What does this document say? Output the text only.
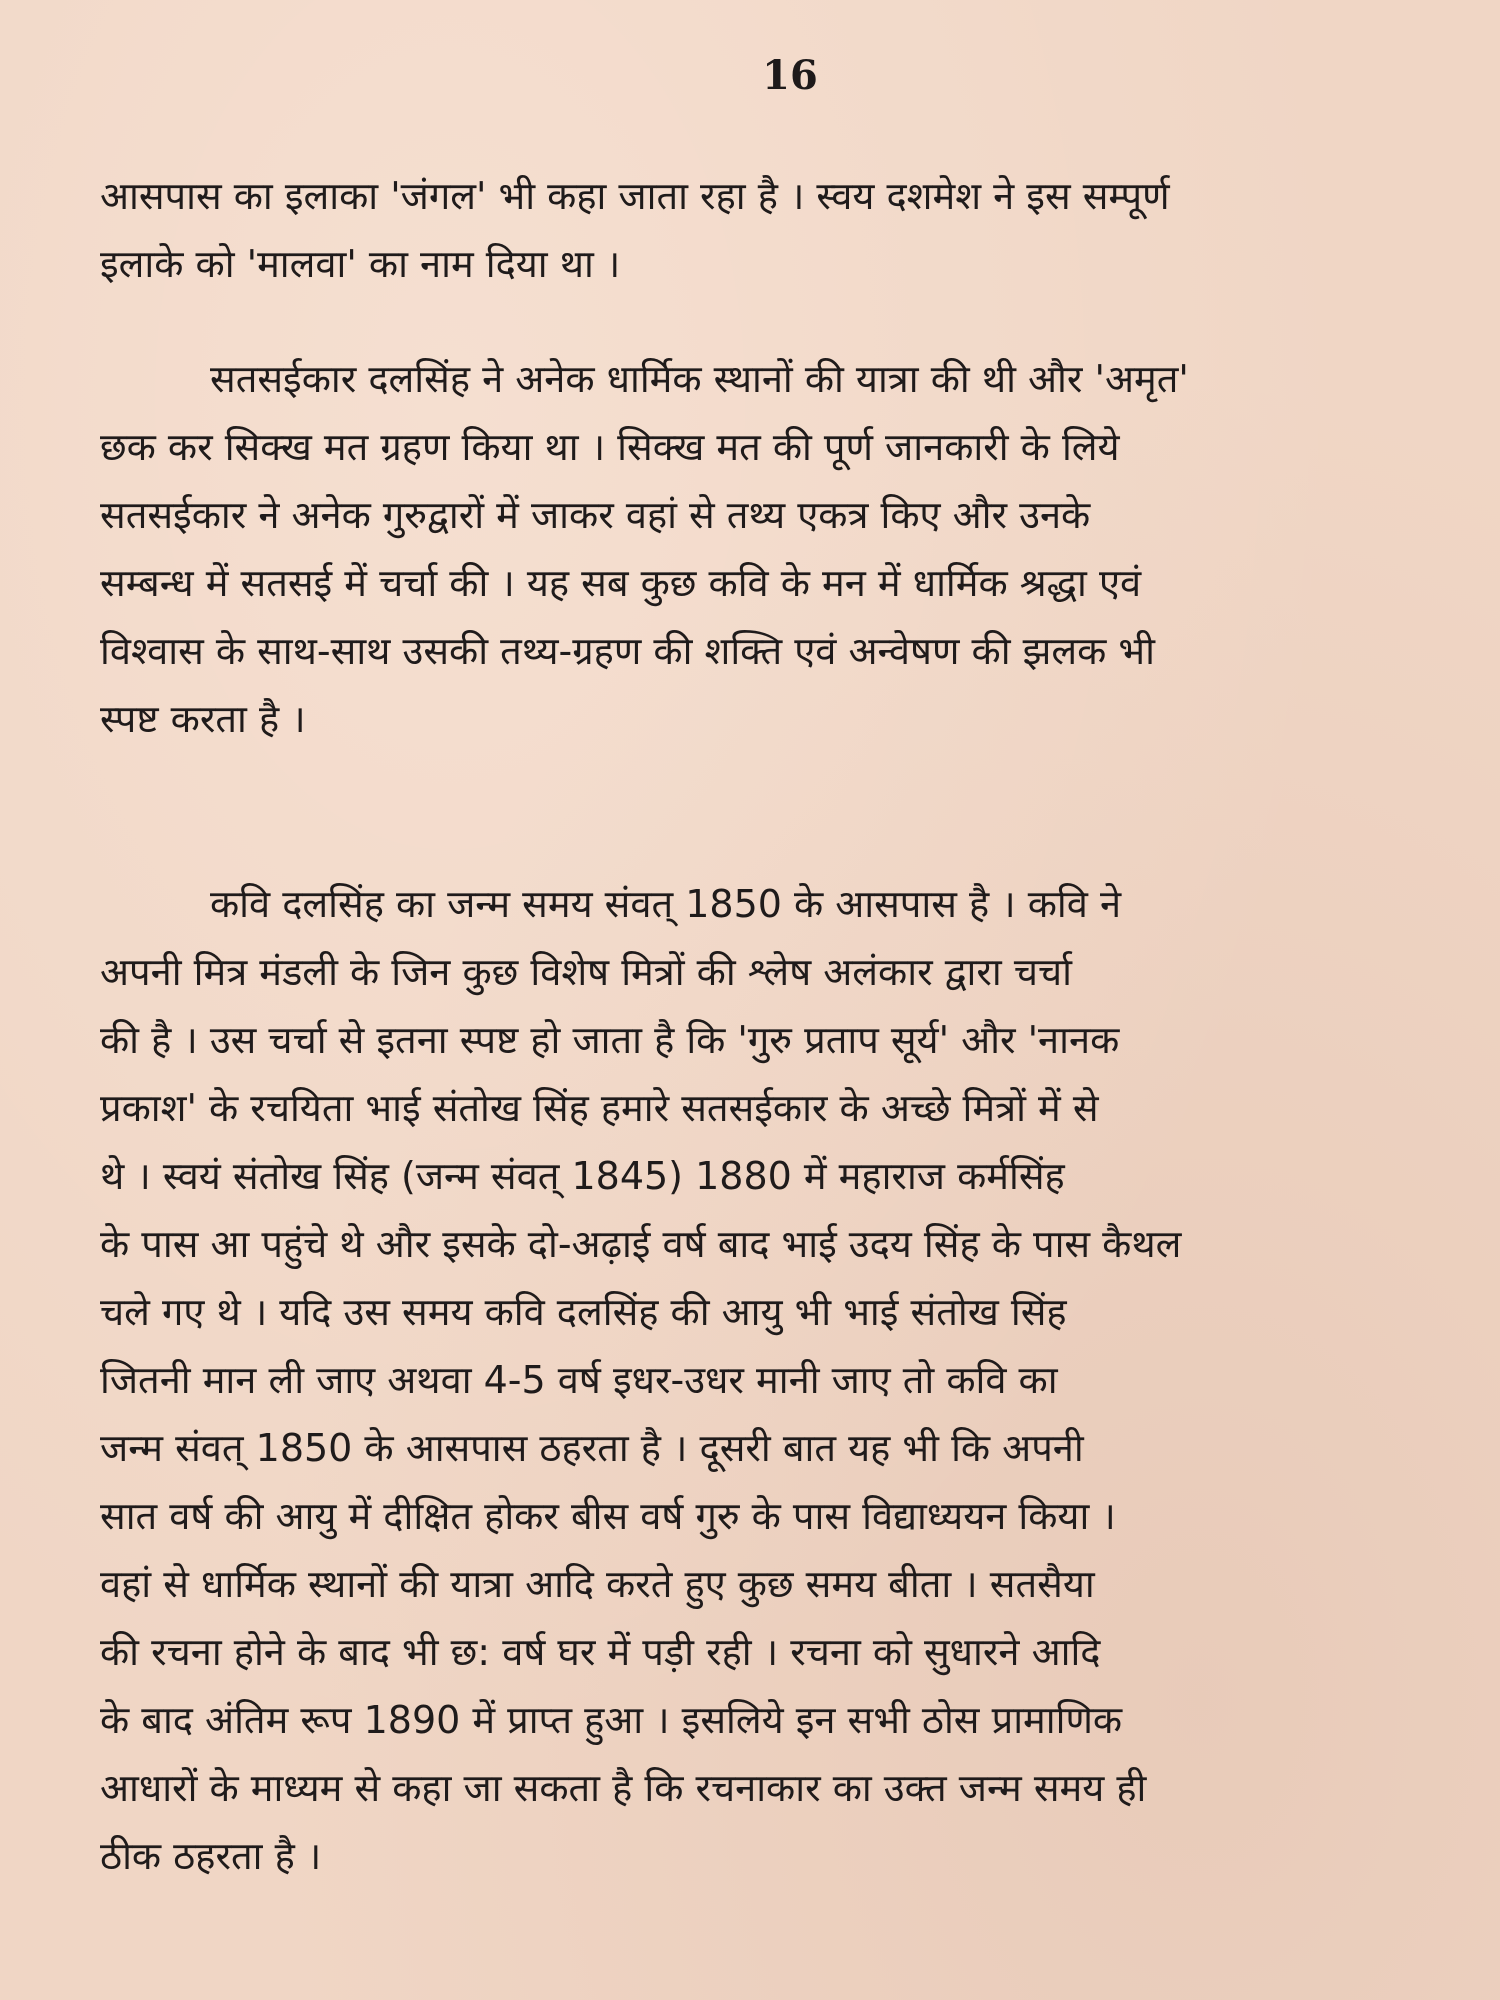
16
आसपास का इलाका 'जंगल' भी कहा जाता रहा है । स्वय दशमेश ने इस सम्पूर्ण
इलाके को 'मालवा' का नाम दिया था ।
सतसईकार दलसिंह ने अनेक धार्मिक स्थानों की यात्रा की थी और 'अमृत'
छक कर सिक्ख मत ग्रहण किया था । सिक्ख मत की पूर्ण जानकारी के लिये
सतसईकार ने अनेक गुरुद्वारों में जाकर वहां से तथ्य एकत्र किए और उनके
सम्बन्ध में सतसई में चर्चा की । यह सब कुछ कवि के मन में धार्मिक श्रद्धा एवं
विश्वास के साथ-साथ उसकी तथ्य-ग्रहण की शक्ति एवं अन्वेषण की झलक भी
स्पष्ट करता है ।
कवि दलसिंह का जन्म समय संवत् 1850 के आसपास है । कवि ने
अपनी मित्र मंडली के जिन कुछ विशेष मित्रों की श्लेष अलंकार द्वारा चर्चा
की है । उस चर्चा से इतना स्पष्ट हो जाता है कि 'गुरु प्रताप सूर्य' और 'नानक
प्रकाश' के रचयिता भाई संतोख सिंह हमारे सतसईकार के अच्छे मित्रों में से
थे । स्वयं संतोख सिंह (जन्म संवत् 1845) 1880 में महाराज कर्मसिंह
के पास आ पहुंचे थे और इसके दो-अढ़ाई वर्ष बाद भाई उदय सिंह के पास कैथल
चले गए थे । यदि उस समय कवि दलसिंह की आयु भी भाई संतोख सिंह
जितनी मान ली जाए अथवा 4-5 वर्ष इधर-उधर मानी जाए तो कवि का
जन्म संवत् 1850 के आसपास ठहरता है । दूसरी बात यह भी कि अपनी
सात वर्ष की आयु में दीक्षित होकर बीस वर्ष गुरु के पास विद्याध्ययन किया ।
वहां से धार्मिक स्थानों की यात्रा आदि करते हुए कुछ समय बीता । सतसैया
की रचना होने के बाद भी छ: वर्ष घर में पड़ी रही । रचना को सुधारने आदि
के बाद अंतिम रूप 1890 में प्राप्त हुआ । इसलिये इन सभी ठोस प्रामाणिक
आधारों के माध्यम से कहा जा सकता है कि रचनाकार का उक्त जन्म समय ही
ठीक ठहरता है ।
